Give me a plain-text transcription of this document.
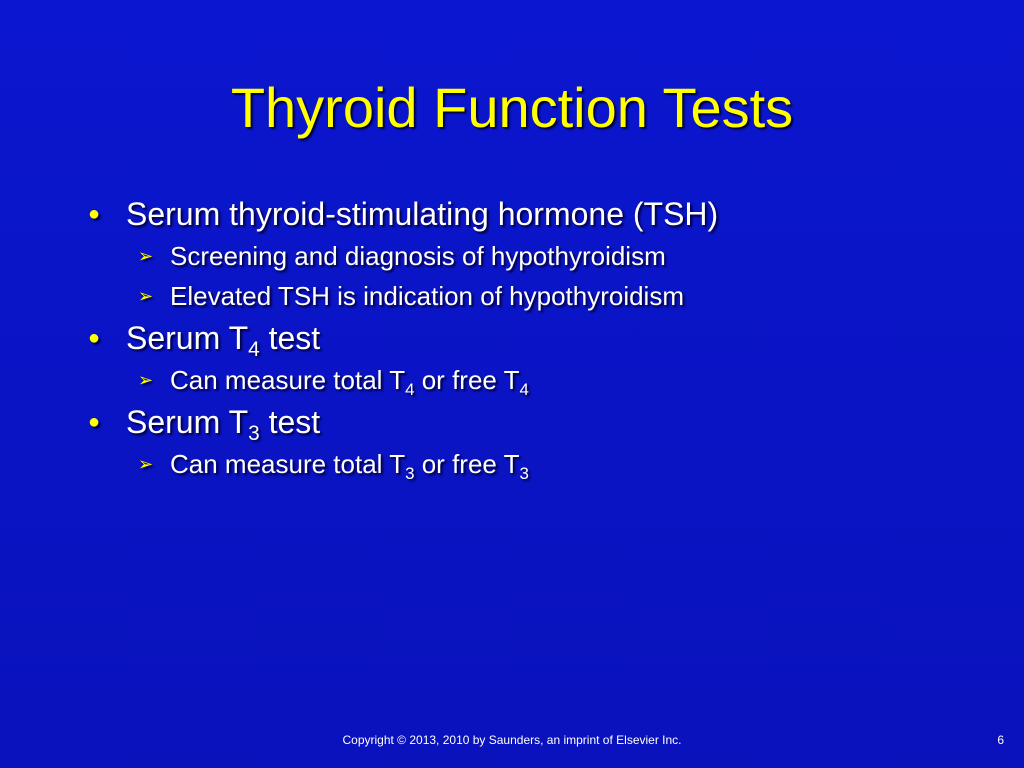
Thyroid Function Tests
● Serum thyroid-stimulating hormone (TSH)
➢ Screening and diagnosis of hypothyroidism
➢ Elevated TSH is indication of hypothyroidism
● Serum $T_4$ test
➢ Can measure total $T_4$ or free $T_4$
● Serum $T_3$ test
➢ Can measure total $T_3$ or free $T_3$
Copyright © 2013, 2010 by Saunders, an imprint of Elsevier Inc.	6
